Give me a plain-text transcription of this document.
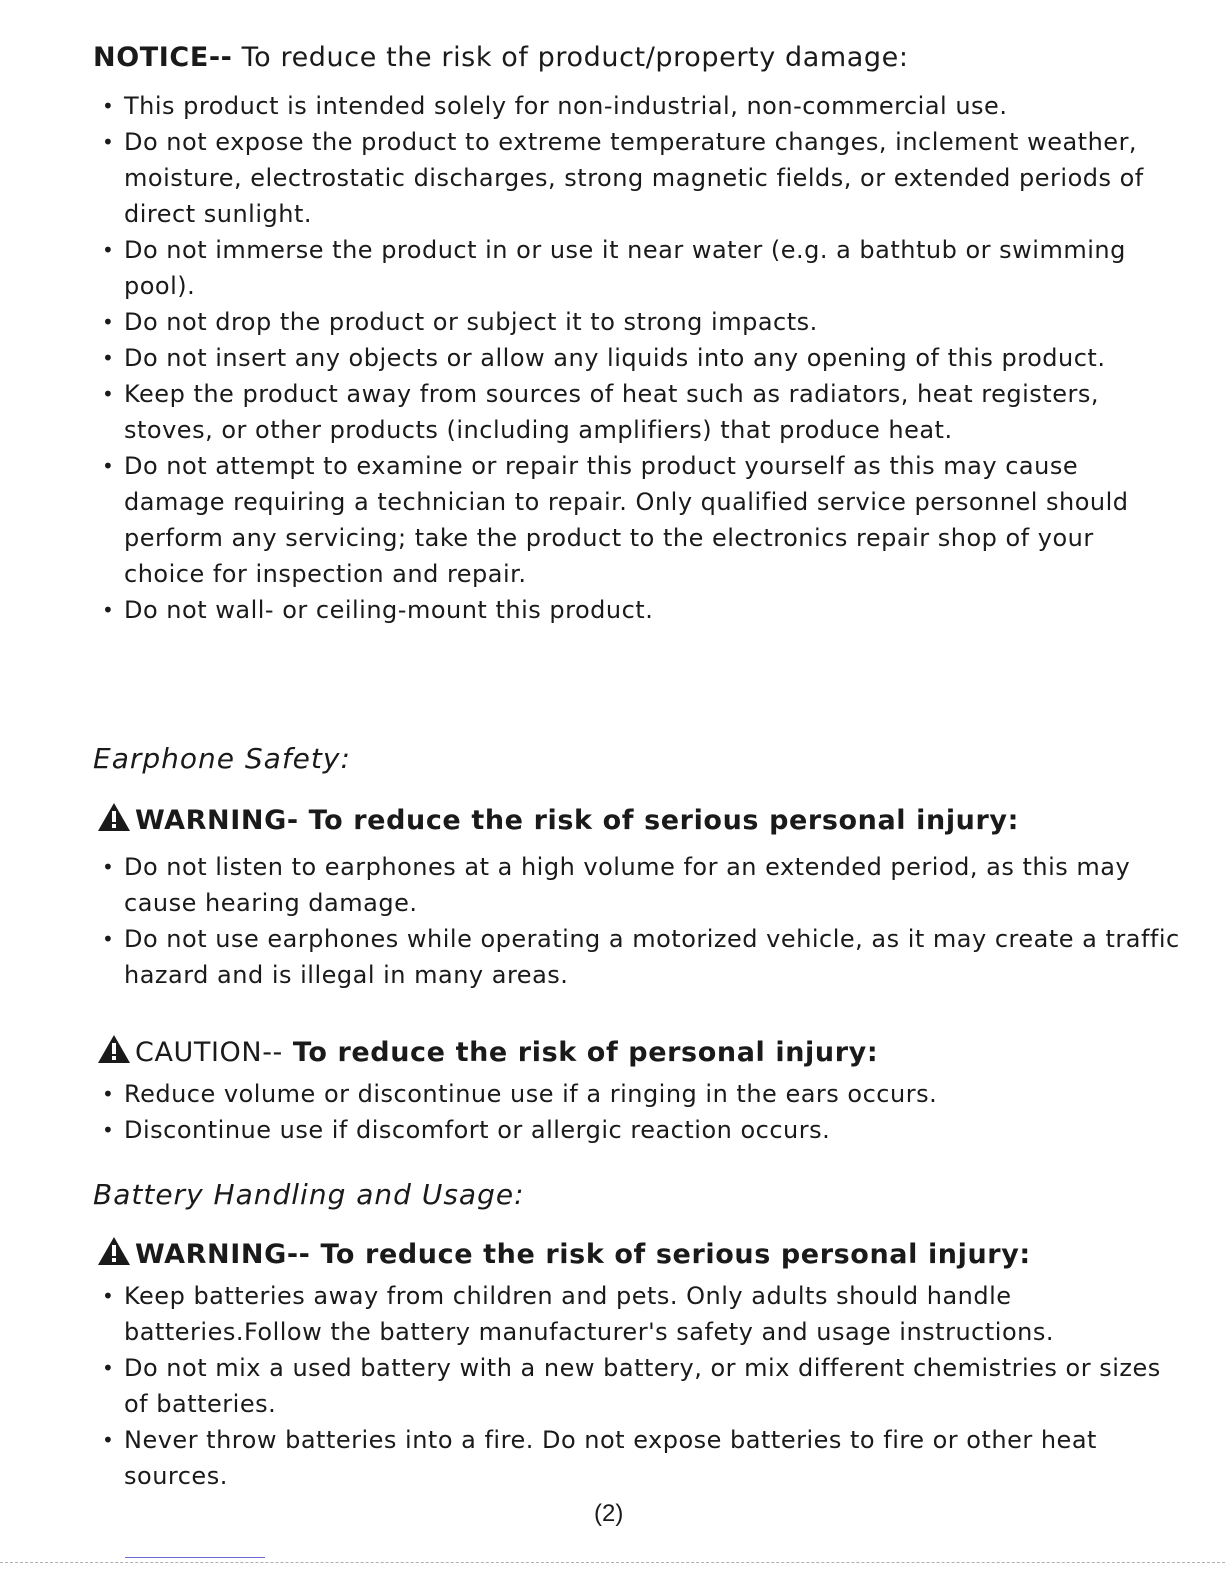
NOTICE-- To reduce the risk of product/property damage:
• This product is intended solely for non-industrial, non-commercial use.
• Do not expose the product to extreme temperature changes, inclement weather, moisture, electrostatic discharges, strong magnetic fields, or extended periods of direct sunlight.
• Do not immerse the product in or use it near water (e.g. a bathtub or swimming pool).
• Do not drop the product or subject it to strong impacts.
• Do not insert any objects or allow any liquids into any opening of this product.
• Keep the product away from sources of heat such as radiators, heat registers, stoves, or other products (including amplifiers) that produce heat.
• Do not attempt to examine or repair this product yourself as this may cause damage requiring a technician to repair. Only qualified service personnel should perform any servicing; take the product to the electronics repair shop of your choice for inspection and repair.
• Do not wall- or ceiling-mount this product.
Earphone Safety:
WARNING- To reduce the risk of serious personal injury:
• Do not listen to earphones at a high volume for an extended period, as this may cause hearing damage.
• Do not use earphones while operating a motorized vehicle, as it may create a traffic hazard and is illegal in many areas.
CAUTION-- To reduce the risk of personal injury:
• Reduce volume or discontinue use if a ringing in the ears occurs.
• Discontinue use if discomfort or allergic reaction occurs.
Battery Handling and Usage:
WARNING-- To reduce the risk of serious personal injury:
• Keep batteries away from children and pets. Only adults should handle batteries.Follow the battery manufacturer's safety and usage instructions.
• Do not mix a used battery with a new battery, or mix different chemistries or sizes of batteries.
• Never throw batteries into a fire. Do not expose batteries to fire or other heat sources.
(2)
